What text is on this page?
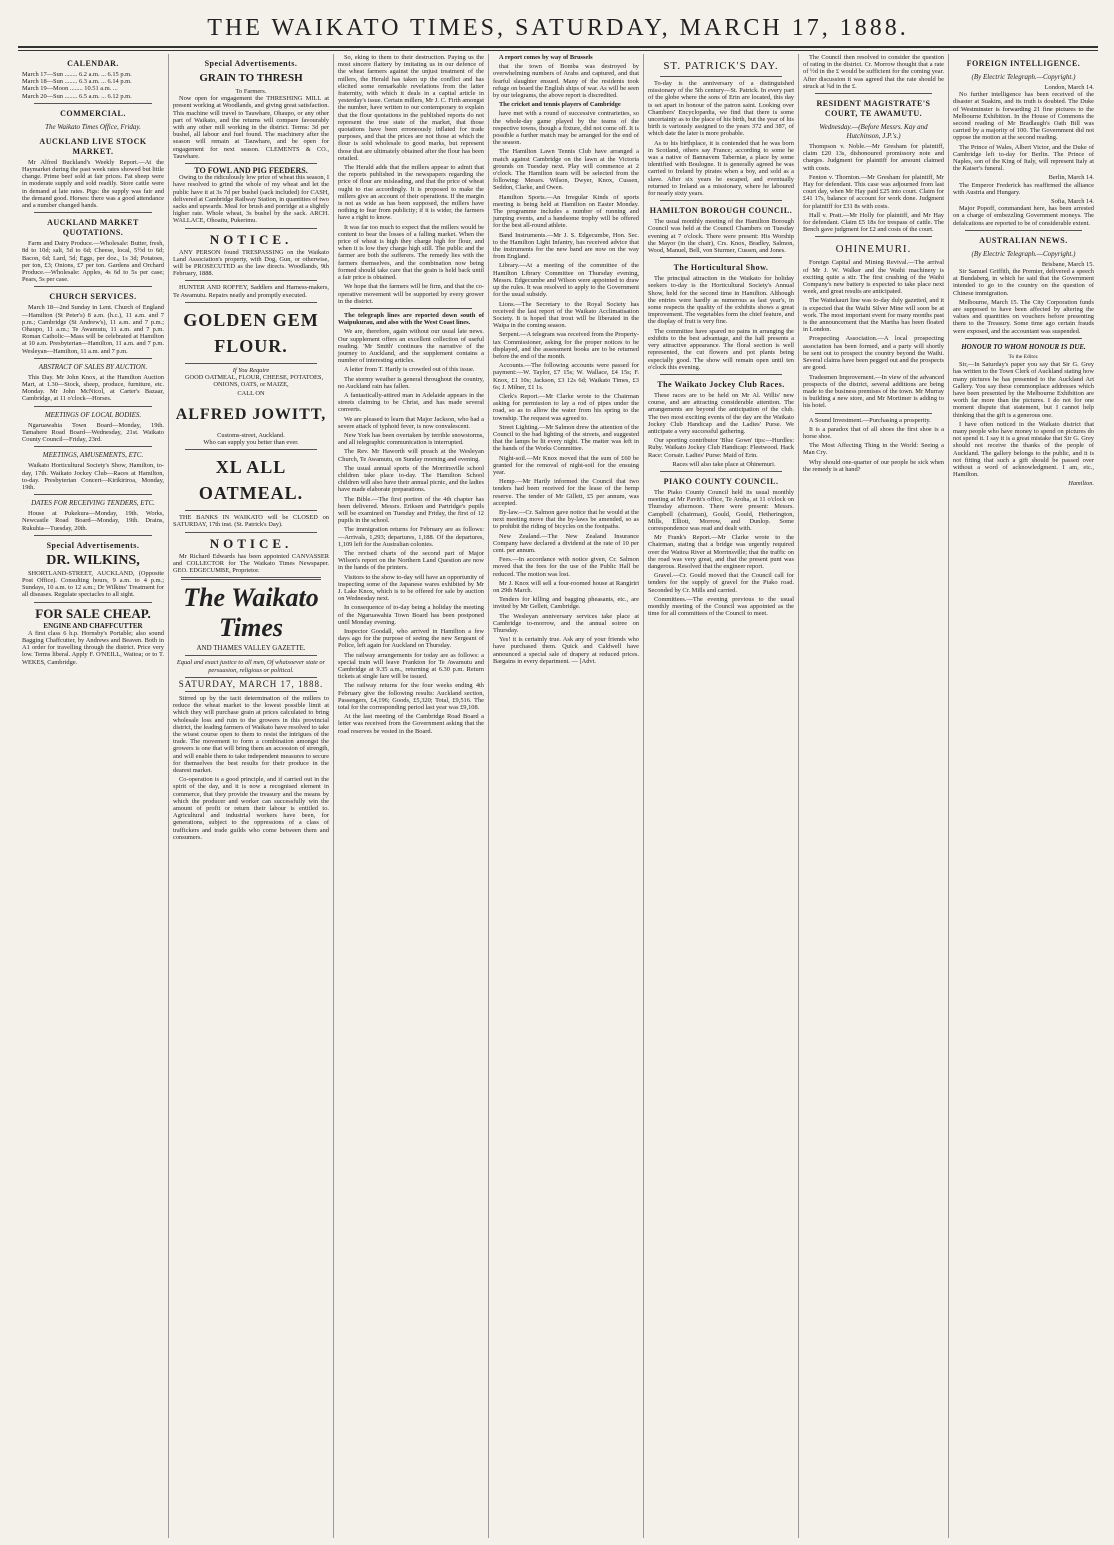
THE WAIKATO TIMES, SATURDAY, MARCH 17, 1888.
CALENDAR.
March 17—Sun ........ 6.2 a.m. ... 6.15 p.m.
March 18—Sun ........ 6.3 a.m. ... 6.14 p.m.
March 19—Moon ........ 10.51 a.m. ...
March 20—Sun ........ 6.5 a.m. ... 6.12 p.m.
COMMERCIAL.
The Waikato Times Office, Friday.
AUCKLAND LIVE STOCK MARKET.

Mr Alfred Buckland's Weekly Report.—At the Haymarket during the past week rates showed but little change. Prime beef sold at fair prices. Fat sheep were in moderate supply and sold readily. Store cattle were in demand at late rates. Pigs: the supply was fair and the demand good. Horses: there was a good attendance and a number changed hands.

AUCKLAND MARKET QUOTATIONS.

Farm and Dairy Produce.—Wholesale: Butter, fresh, 8d to 10d; salt, 5d to 6d; Cheese, local, 5½d to 6d; Bacon, 6d; Lard, 5d; Eggs, per doz., 1s 3d; Potatoes, per ton, £3; Onions, £7 per ton. Gardens and Orchard Produce.—Wholesale: Apples, 4s 6d to 5s per case; Pears, 5s per case.

CHURCH SERVICES.

March 18—2nd Sunday in Lent. Church of England—Hamilton (St Peter's) 8 a.m. (h.c.), 11 a.m. and 7 p.m.; Cambridge (St Andrew's), 11 a.m. and 7 p.m.; Ohaupo, 11 a.m.; Te Awamutu, 11 a.m. and 7 p.m. Roman Catholic—Mass will be celebrated at Hamilton at 10 a.m. Presbyterian—Hamilton, 11 a.m. and 7 p.m. Wesleyan—Hamilton, 11 a.m. and 7 p.m.

ABSTRACT OF SALES BY AUCTION.

This Day. Mr John Knox, at the Hamilton Auction Mart, at 1.30—Stock, sheep, produce, furniture, etc. Monday. Mr John McNicol, at Carter's Bazaar, Cambridge, at 11 o'clock—Horses.

MEETINGS OF LOCAL BODIES.

Ngaruawahia Town Board—Monday, 19th. Tamahere Road Board—Wednesday, 21st. Waikato County Council—Friday, 23rd.

MEETINGS, AMUSEMENTS, ETC.

Waikato Horticultural Society's Show, Hamilton, to-day, 17th. Waikato Jockey Club—Races at Hamilton, to-day. Presbyterian Concert—Kirikiriroa, Monday, 19th.

DATES FOR RECEIVING TENDERS, ETC.

House at Pukekura—Monday, 19th. Works, Newcastle Road Board—Monday, 19th. Drains, Rukuhia—Tuesday, 20th.

Special Advertisements.
DR. WILKINS,

SHORTLAND-STREET, AUCKLAND, (Opposite Post Office). Consulting hours, 9 a.m. to 4 p.m.; Sundays, 10 a.m. to 12 a.m.; Dr Wilkins' Treatment for all diseases. Regulate spectacles to all sight.

FOR SALE CHEAP.
ENGINE AND CHAFFCUTTER

A first class 6 h.p. Hornsby's Portable; also sound Bagging Chaffcutter, by Andrews and Beaven. Both in A1 order for travelling through the district. Price very low. Terms liberal. Apply F. O'NEILL, Waitoa; or to T. WEKES, Cambridge.

Special Advertisements.
GRAIN TO THRESH
To Farmers.

Now open for engagement the THRESHING MILL at present working at Woodlands, and giving great satisfaction. This machine will travel to Tauwhare, Ohaupo, or any other part of Waikato, and the returns will compare favourably with any other mill working in the district. Terms: 3d per bushel, all labour and fuel found. The machinery after the season will remain at Tauwhare, and be open for engagement for next season. CLEMENTS & CO., Tauwhare.

TO FOWL AND PIG FEEDERS.

Owing to the ridiculously low price of wheat this season, I have resolved to grind the whole of my wheat and let the public have it at 3s 7d per bushel (sack included) for CASH, delivered at Cambridge Railway Station, in quantities of two sacks and upwards. Meal for brush and porridge at a slightly higher rate. Whole wheat, 3s bushel by the sack. ARCH. WALLACE, Ohoaitu, Pukerimu.

NOTICE.

ANY PERSON found TRESPASSING on the Waikato Land Association's property, with Dog, Gun, or otherwise, will be PROSECUTED as the law directs. Woodlands, 9th February, 1888.

HUNTER AND ROFFEY, Saddlers and Harness-makers, Te Awamutu. Repairs neatly and promptly executed.

GOLDEN GEM FLOUR.
If You Require

GOOD OATMEAL, FLOUR, CHEESE, POTATOES, ONIONS, OATS, or MAIZE,

CALL ON
ALFRED JOWITT,
Customs-street, Auckland.
Who can supply you better than ever.
XL ALL OATMEAL.

THE BANKS IN WAIKATO will be CLOSED on SATURDAY, 17th inst. (St. Patrick's Day).

NOTICE.

Mr Richard Edwards has been appointed CANVASSER and COLLECTOR for The Waikato Times Newspaper. GEO. EDGECUMBE, Proprietor.

The Waikato Times
AND THAMES VALLEY GAZETTE.
Equal and exact justice to all men, Of whatsoever state or persuasion, religious or political.
SATURDAY, MARCH 17, 1888.

Stirred up by the tacit determination of the millers to reduce the wheat market to the lowest possible limit at which they will purchase grain at prices calculated to bring wholesale loss and ruin to the growers in this provincial district, the leading farmers of Waikato have resolved to take the wisest course open to them to resist the intrigues of the trade. The movement to form a combination amongst the growers is one that will bring them an accession of strength, and will enable them to take independent measures to secure for themselves the best results for their produce in the dearest market.

Co-operation is a good principle, and if carried out in the spirit of the day, and it is now a recognised element in commerce, that they provide the treasury and the means by which the producer and worker can successfully win the amount of profit or return their labour is entitled to. Agricultural and industrial workers have been, for generations, subject to the oppressions of a class of traffickers and trade guilds who come between them and consumers.

So, eking to them to their destruction. Paying us the most sincere flattery by imitating us in our defence of the wheat farmers against the unjust treatment of the millers, the Herald has taken up the conflict and has elicited some remarkable revelations from the latter fraternity, with which it deals in a capital article in yesterday's issue. Certain millers, Mr J. C. Firth amongst the number, have written to our contemporary to explain that the flour quotations in the published reports do not represent the true state of the market, that those quotations have been erroneously inflated for trade purposes, and that the prices are not those at which the flour is sold wholesale to good marks, but represent those that are ultimately obtained after the flour has been retailed.

The Herald adds that the millers appear to admit that the reports published in the newspapers regarding the price of flour are misleading, and that the price of wheat ought to rise accordingly. It is proposed to make the millers give an account of their operations. If the margin is not as wide as has been supposed, the millers have nothing to fear from publicity; if it is wider, the farmers have a right to know.

It was far too much to expect that the millers would be content to bear the losses of a falling market. When the price of wheat is high they charge high for flour, and when it is low they charge high still. The public and the farmer are both the sufferers. The remedy lies with the farmers themselves, and the combination now being formed should take care that the grain is held back until a fair price is obtained.

We hope that the farmers will be firm, and that the co-operative movement will be supported by every grower in the district.

The telegraph lines are reported down south of Waipukurau, and also with the West Coast lines.

We are, therefore, again without our usual late news. Our supplement offers an excellent collection of useful reading. 'Mr Smith' continues the narrative of the journey to Auckland, and the supplement contains a number of interesting articles.

A letter from T. Hartly is crowded out of this issue.

The stormy weather is general throughout the country, no Auckland rain has fallen.

A fantastically-attired man in Adelaide appears in the streets claiming to be Christ, and has made several converts.

We are pleased to learn that Major Jackson, who had a severe attack of typhoid fever, is now convalescent.

New York has been overtaken by terrible snowstorms, and all telegraphic communication is interrupted.

The Rev. Mr Haworth will preach at the Wesleyan Church, Te Awamutu, on Sunday morning and evening.

The usual annual sports of the Morrinsville school children take place to-day. The Hamilton School children will also have their annual picnic, and the ladies have made elaborate preparations.

The Bible.—The first portion of the 4th chapter has been delivered. Messrs. Eriksen and Partridge's pupils will be examined on Tuesday and Friday, the first of 12 pupils in the school.

The immigration returns for February are as follows:—Arrivals, 1,293; departures, 1,188. Of the departures, 1,109 left for the Australian colonies.

The revised charts of the second part of Major Wilson's report on the Northern Land Question are now in the hands of the printers.

Visitors to the show to-day will have an opportunity of inspecting some of the Japanese wares exhibited by Mr J. Lake Knox, which is to be offered for sale by auction on Wednesday next.

In consequence of to-day being a holiday the meeting of the Ngaruawahia Town Board has been postponed until Monday evening.

Inspector Goodall, who arrived in Hamilton a few days ago for the purpose of seeing the new Sergeant of Police, left again for Auckland on Thursday.

The railway arrangements for today are as follows: a special train will leave Frankton for Te Awamutu and Cambridge at 9.35 a.m., returning at 6.30 p.m. Return tickets at single fare will be issued.

The railway returns for the four weeks ending 4th February give the following results: Auckland section, Passengers, £4,196; Goods, £5,320; Total, £9,516. The total for the corresponding period last year was £9,108.

At the last meeting of the Cambridge Road Board a letter was received from the Government asking that the road reserves be vested in the Board.

A report comes by way of Brussels

that the town of Bomba was destroyed by overwhelming numbers of Arabs and captured, and that fearful slaughter ensued. Many of the residents took refuge on board the English ships of war. As will be seen by our telegrams, the above report is discredited.

The cricket and tennis players of Cambridge

have met with a round of successive contrarieties, so the whole-day game played by the teams of the respective towns, though a fixture, did not come off. It is possible a further match may be arranged for the end of the season.

The Hamilton Lawn Tennis Club have arranged a match against Cambridge on the lawn at the Victoria grounds on Tuesday next. Play will commence at 2 o'clock. The Hamilton team will be selected from the following: Messrs. Wilson, Dwyer, Knox, Cussen, Seddon, Clarke, and Owen.

Hamilton Sports.—An Irregular Kinds of sports meeting is being held at Hamilton on Easter Monday. The programme includes a number of running and jumping events, and a handsome trophy will be offered for the best all-round athlete.

Band Instruments.—Mr J. S. Edgecumbe, Hon. Sec. to the Hamilton Light Infantry, has received advice that the instruments for the new band are now on the way from England.

Library.—At a meeting of the committee of the Hamilton Library Committee on Thursday evening, Messrs. Edgecumbe and Wilson were appointed to draw up the rules. It was resolved to apply to the Government for the usual subsidy.

Lions.—The Secretary to the Royal Society has received the last report of the Waikato Acclimatisation Society. It is hoped that trout will be liberated in the Waipa in the coming season.

Serpent.—A telegram was received from the Property-tax Commissioner, asking for the proper notices to be displayed, and the assessment books are to be returned before the end of the month.

Accounts.—The following accounts were passed for payment:—W. Taylor, £7 15s; W. Wallace, £4 15s; F. Knox, £1 10s; Jackson, £3 12s 6d; Waikato Times, £3 6s; J. Milner, £1 1s.

Clerk's Report.—Mr Clarke wrote to the Chairman asking for permission to lay a rod of pipes under the road, so as to allow the water from his spring to the township. The request was agreed to.

Street Lighting.—Mr Salmon drew the attention of the Council to the bad lighting of the streets, and suggested that the lamps be lit every night. The matter was left in the hands of the Works Committee.

Night-soil.—Mr Knox moved that the sum of £60 be granted for the removal of night-soil for the ensuing year.

Hemp.—Mr Hartly informed the Council that two tenders had been received for the lease of the hemp reserve. The tender of Mr Gillett, £5 per annum, was accepted.

By-law.—Cr. Salmon gave notice that he would at the next meeting move that the by-laws be amended, so as to prohibit the riding of bicycles on the footpaths.

New Zealand.—The New Zealand Insurance Company have declared a dividend at the rate of 10 per cent. per annum.

Fees.—In accordance with notice given, Cr. Salmon moved that the fees for the use of the Public Hall be reduced. The motion was lost.

Mr J. Knox will sell a four-roomed house at Rangiriri on 29th March.

Tenders for killing and bagging pheasants, etc., are invited by Mr Gellett, Cambridge.

The Wesleyan anniversary services take place at Cambridge to-morrow, and the annual soiree on Thursday.

Yes! it is certainly true. Ask any of your friends who have purchased them. Quick and Caldwell have announced a special sale of drapery at reduced prices. Bargains in every department. — [Advt.

ST. PATRICK'S DAY.

To-day is the anniversary of a distinguished missionary of the 5th century—St. Patrick. In every part of the globe where the sons of Erin are located, this day is set apart in honour of the patron saint. Looking over Chambers' Encyclopædia, we find that there is some uncertainty as to the place of his birth, but the year of his birth is variously assigned to the years 372 and 387, of which date the later is more probable.

As to his birthplace, it is contended that he was born in Scotland, others say France; according to some he was a native of Bannavem Taberniæ, a place by some identified with Boulogne. It is generally agreed he was carried to Ireland by pirates when a boy, and sold as a slave. After six years he escaped, and eventually returned to Ireland as a missionary, where he laboured for nearly sixty years.

HAMILTON BOROUGH COUNCIL.

The usual monthly meeting of the Hamilton Borough Council was held at the Council Chambers on Tuesday evening at 7 o'clock. There were present: His Worship the Mayor (in the chair), Crs. Knox, Bradley, Salmon, Wood, Manuel, Bell, von Sturmer, Cussen, and Jones.

The Horticultural Show.

The principal attraction in the Waikato for holiday seekers to-day is the Horticultural Society's Annual Show, held for the second time in Hamilton. Although the entries were hardly as numerous as last year's, in some respects the quality of the exhibits shows a great improvement. The vegetables form the chief feature, and the display of fruit is very fine.

The committee have spared no pains in arranging the exhibits to the best advantage, and the hall presents a very attractive appearance. The floral section is well represented, the cut flowers and pot plants being especially good. The show will remain open until ten o'clock this evening.

The Waikato Jockey Club Races.

These races are to be held on Mr Al. Willis' new course, and are attracting considerable attention. The arrangements are beyond the anticipation of the club. The two most exciting events of the day are the Waikato Jockey Club Handicap and the Ladies' Purse. We anticipate a very successful gathering.

Our sporting contributor 'Blue Gown' tips:—Hurdles: Ruby. Waikato Jockey Club Handicap: Fleetwood. Hack Race: Corsair. Ladies' Purse: Maid of Erin.

Races will also take place at Ohinemuri.

PIAKO COUNTY COUNCIL.

The Piako County Council held its usual monthly meeting at Mr Pavitt's office, Te Aroha, at 11 o'clock on Thursday afternoon. There were present: Messrs. Campbell (chairman), Gould, Gould, Hetherington, Mills, Elliott, Morrow, and Dunlop. Some correspondence was read and dealt with.

Mr Frank's Report.—Mr Clarke wrote to the Chairman, stating that a bridge was urgently required over the Waitoa River at Morrinsville; that the traffic on the road was very great, and that the present punt was dangerous. Resolved that the engineer report.

Gravel.—Cr. Gould moved that the Council call for tenders for the supply of gravel for the Piako road. Seconded by Cr. Mills and carried.

Committees.—The evening previous to the usual monthly meeting of the Council was appointed as the time for all committees of the Council to meet.

The Council then resolved to consider the question of rating in the district. Cr. Morrow thought that a rate of ½d in the £ would be sufficient for the coming year. After discussion it was agreed that the rate should be struck at ¾d in the £.

RESIDENT MAGISTRATE'S COURT, TE AWAMUTU.
Wednesday.—(Before Messrs. Kay and Hutchinson, J.P.'s.)

Thompson v. Noble.—Mr Gresham for plaintiff, claim £20 13s, dishonoured promissory note and charges. Judgment for plaintiff for amount claimed with costs.

Fenton v. Thornton.—Mr Gresham for plaintiff, Mr Hay for defendant. This case was adjourned from last court day, when Mr Hay paid £25 into court. Claim for £41 17s, balance of account for work done. Judgment for plaintiff for £31 8s with costs.

Hall v. Pratt.—Mr Holly for plaintiff, and Mr Hay for defendant. Claim £5 18s for trespass of cattle. The Bench gave judgment for £2 and costs of the court.

OHINEMURI.

Foreign Capital and Mining Revival.—The arrival of Mr J. W. Walker and the Waihi machinery is exciting quite a stir. The first crushing of the Waihi Company's new battery is expected to take place next week, and great results are anticipated.

The Waitekauri line was to-day duly gazetted, and it is expected that the Waihi Silver Mine will soon be at work. The most important event for many months past is the announcement that the Martha has been floated in London.

Prospecting Association.—A local prospecting association has been formed, and a party will shortly be sent out to prospect the country beyond the Waihi. Several claims have been pegged out and the prospects are good.

Tradesmen Improvement.—In view of the advanced prospects of the district, several additions are being made to the business premises of the town. Mr Murray is building a new store, and Mr Mortimer is adding to his hotel.

A Sound Investment.—Purchasing a prosperity.

It is a paradox that of all shoes the first shoe is a horse shoe.

The Most Affecting Thing in the World: Seeing a Man Cry.

Why should one-quarter of our people be sick when the remedy is at hand?

FOREIGN INTELLIGENCE.
(By Electric Telegraph.—Copyright.)
London, March 14.

No further intelligence has been received of the disaster at Suakim, and its truth is doubted. The Duke of Westminster is forwarding 21 fine pictures to the Melbourne Exhibition. In the House of Commons the second reading of Mr Bradlaugh's Oath Bill was carried by a majority of 100. The Government did not oppose the motion at the second reading.

The Prince of Wales, Albert Victor, and the Duke of Cambridge left to-day for Berlin. The Prince of Naples, son of the King of Italy, will represent Italy at the Kaiser's funeral.

Berlin, March 14.

The Emperor Frederick has reaffirmed the alliance with Austria and Hungary.

Sofia, March 14.

Major Popoff, commandant here, has been arrested on a charge of embezzling Government moneys. The defalcations are reported to be of considerable extent.

AUSTRALIAN NEWS.
(By Electric Telegraph.—Copyright.)
Brisbane, March 15.

Sir Samuel Griffith, the Premier, delivered a speech at Bundaberg, in which he said that the Government intended to go to the country on the question of Chinese immigration.

Melbourne, March 15. The City Corporation funds are supposed to have been affected by altering the values and quantities on vouchers before presenting them to the Treasury. Some time ago certain frauds were exposed, and the accountant was suspended.

HONOUR TO WHOM HONOUR IS DUE.
To the Editor.

Sir,—In Saturday's paper you say that Sir G. Grey has written to the Town Clerk of Auckland stating how many pictures he has presented to the Auckland Art Gallery. You say these commonplace addresses which have been presented by the Melbourne Exhibition are worth far more than the pictures. I do not for one moment dispute that statement, but I cannot help thinking that the gift is a generous one.

I have often noticed in the Waikato district that many people who have money to spend on pictures do not spend it. I say it is a great mistake that Sir G. Grey should not receive the thanks of the people of Auckland. The gallery belongs to the public, and it is not fitting that such a gift should be passed over without a word of acknowledgment. I am, etc., Hamilton.

Hamilton.
